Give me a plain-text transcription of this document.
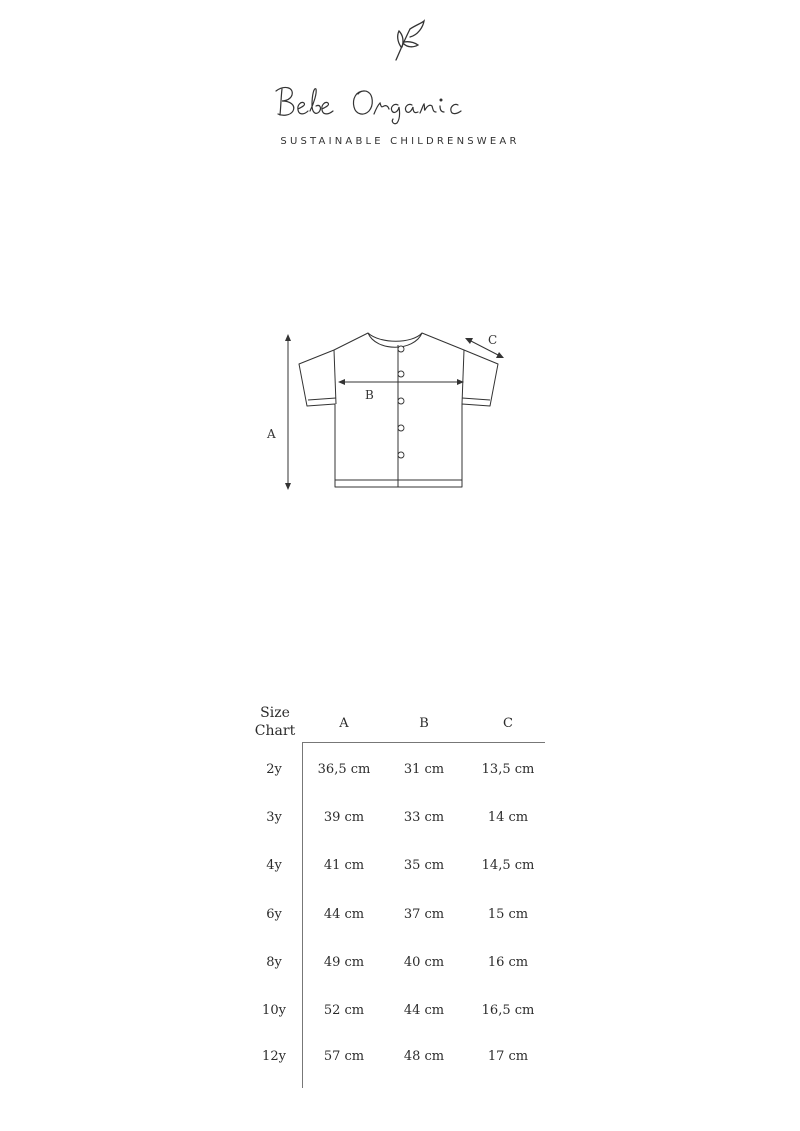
SUSTAINABLE CHILDRENSWEAR
A
B
C
Size
Chart	A	B	C
2y	36,5 cm	31 cm	13,5 cm
3y	39 cm	33 cm	14 cm
4y	41 cm	35 cm	14,5 cm
6y	44 cm	37 cm	15 cm
8y	49 cm	40 cm	16 cm
10y	52 cm	44 cm	16,5 cm
12y	57 cm	48 cm	17 cm
